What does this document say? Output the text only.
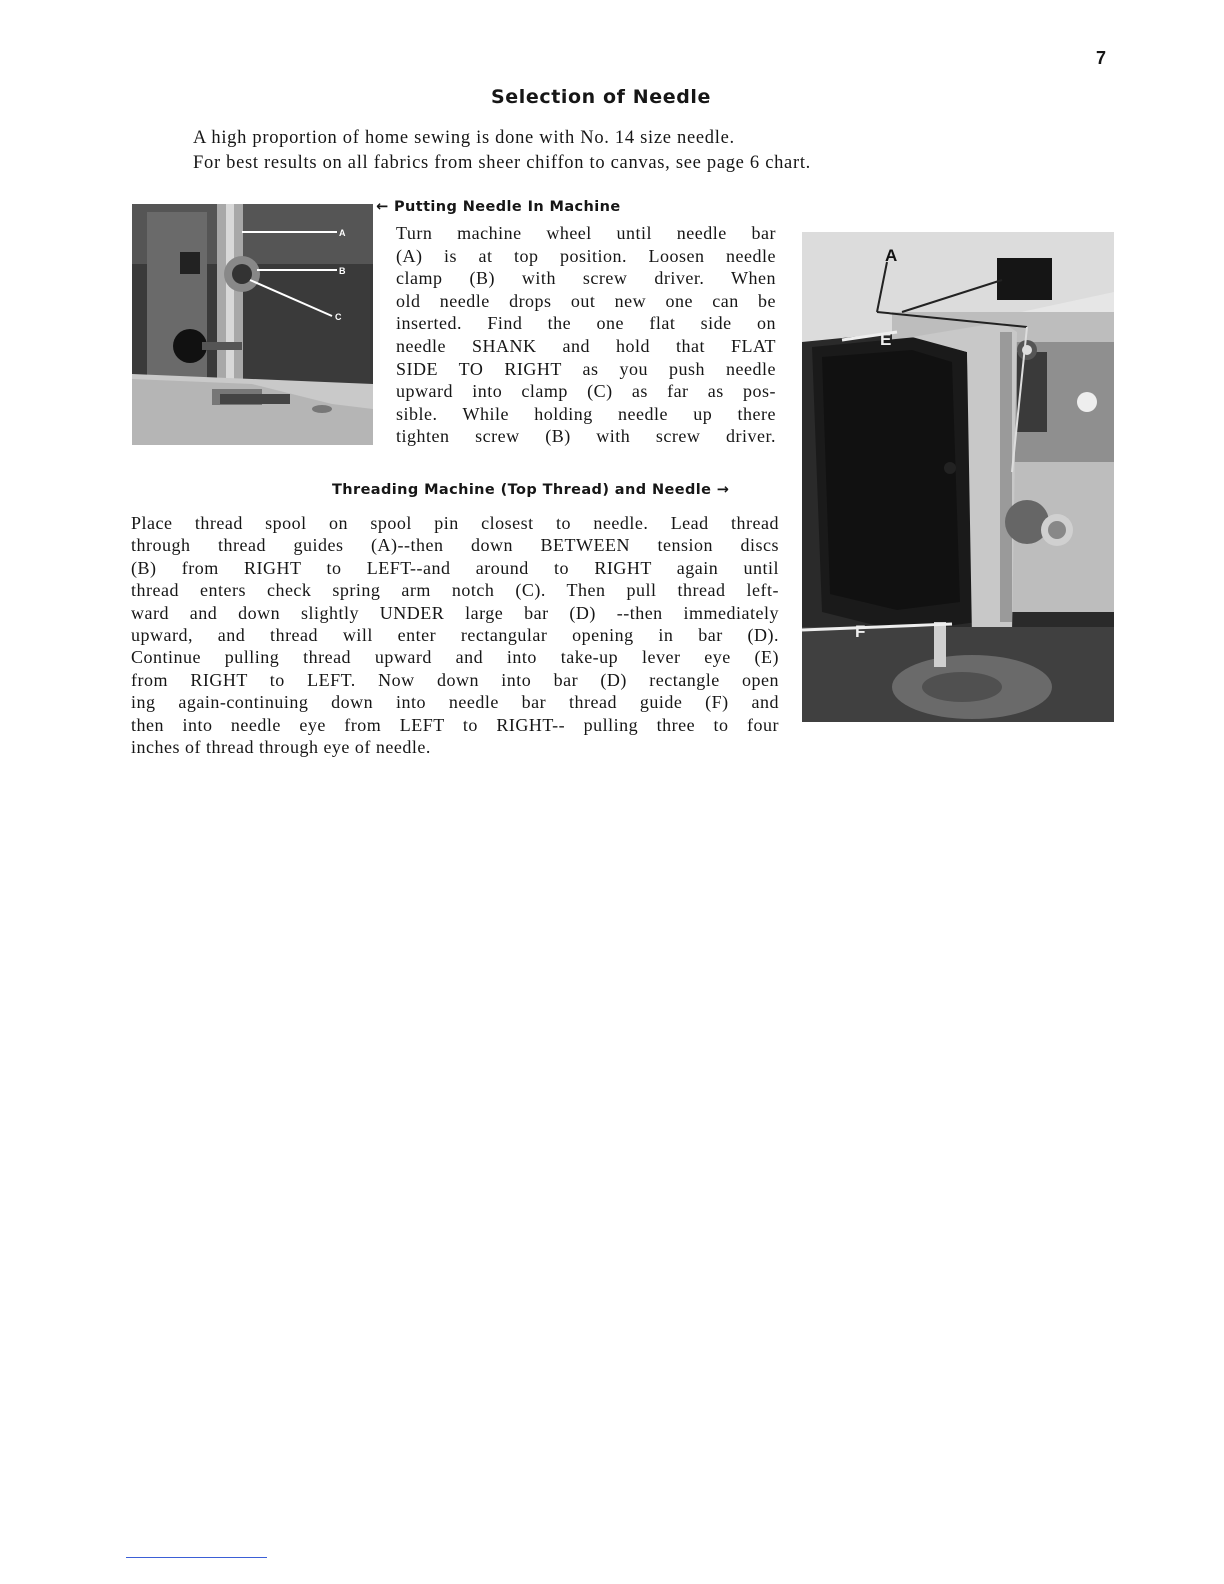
7
Selection of Needle
A high proportion of home sewing is done with No. 14 size needle.
For best results on all fabrics from sheer chiffon to canvas, see page 6 chart.
A
B
C
← Putting Needle In Machine
Turn machine wheel until needle bar
(A) is at top position. Loosen needle
clamp (B) with screw driver. When
old needle drops out new one can be
inserted. Find the one flat side on
needle SHANK and hold that FLAT
SIDE TO RIGHT as you push needle
upward into clamp (C) as far as pos-
sible. While holding needle up there
tighten screw (B) with screw driver.
Threading Machine (Top Thread) and Needle →
Place thread spool on spool pin closest to needle. Lead thread
through thread guides (A)--then down BETWEEN tension discs
(B) from RIGHT to LEFT--and around to RIGHT again until
thread enters check spring arm notch (C). Then pull thread left-
ward and down slightly UNDER large bar (D) --then immediately
upward, and thread will enter rectangular opening in bar (D).
Continue pulling thread upward and into take-up lever eye (E)
from RIGHT to LEFT. Now down into bar (D) rectangle open
ing again-continuing down into needle bar thread guide (F) and
then into needle eye from LEFT to RIGHT-- pulling three to four
inches of thread through eye of needle.
A
E
F
